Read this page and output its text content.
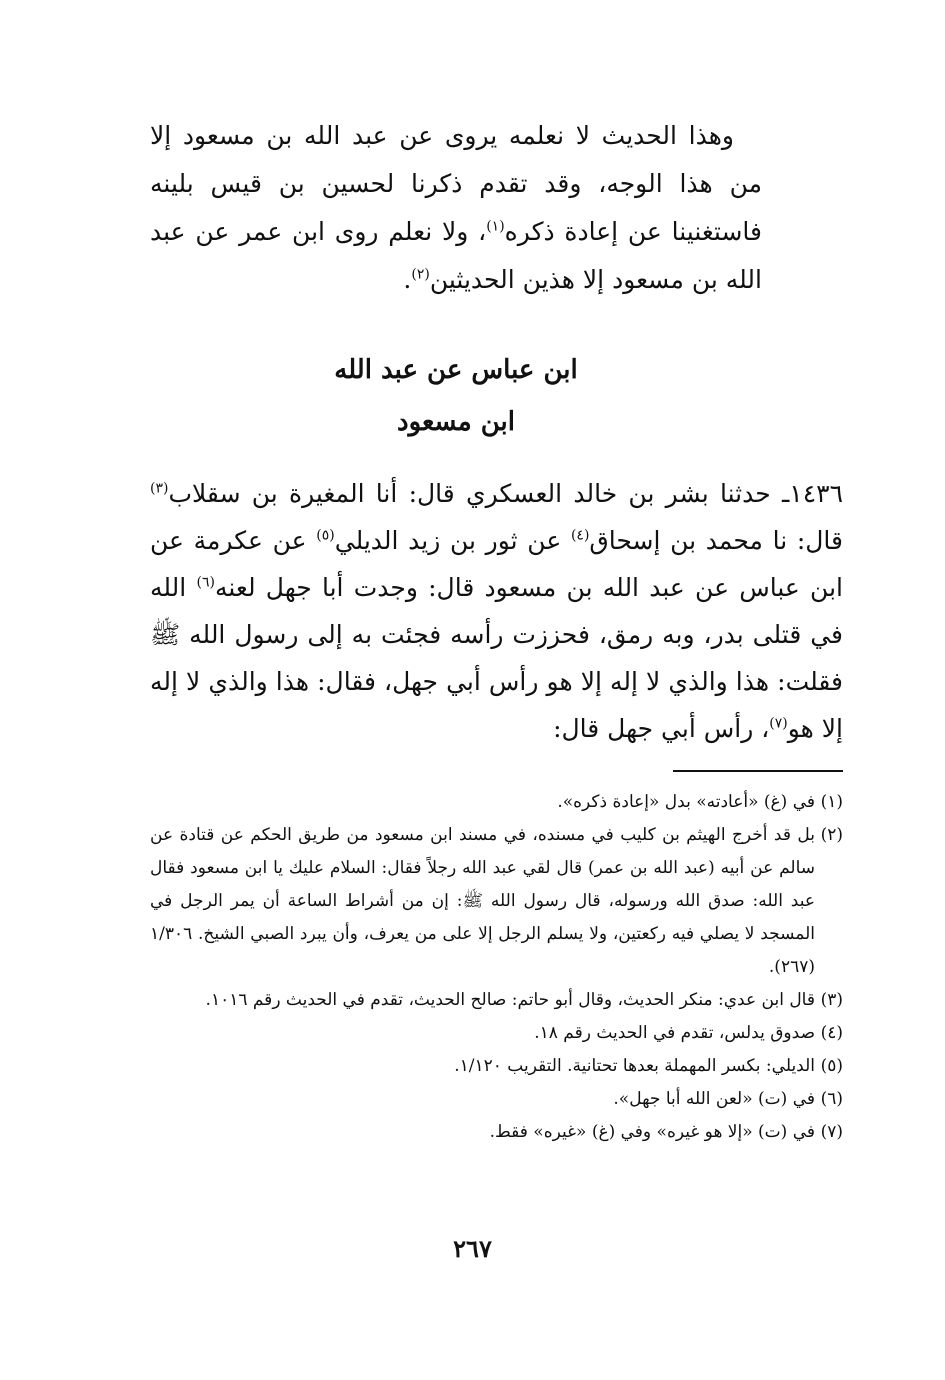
وهذا الحديث لا نعلمه يروى عن عبد الله بن مسعود إلا من هذا الوجه، وقد تقدم ذكرنا لحسين بن قيس بلينه فاستغنينا عن إعادة ذكره$^{(١)}$، ولا نعلم روى ابن عمر عن عبد الله بن مسعود إلا هذين الحديثين$^{(٢)}$.

ابن عباس عن عبد الله
ابن مسعود
١٤٣٦ـ حدثنا بشر بن خالد العسكري قال: أنا المغيرة بن سقلاب$^{(٣)}$ قال: نا محمد بن إسحاق$^{(٤)}$ عن ثور بن زيد الديلي$^{(٥)}$ عن عكرمة عن ابن عباس عن عبد الله بن مسعود قال: وجدت أبا جهل لعنه$^{(٦)}$ الله في قتلى بدر، وبه رمق، فحززت رأسه فجئت به إلى رسول الله ﷺ فقلت: هذا والذي لا إله إلا هو رأس أبي جهل، فقال: هذا والذي لا إله إلا هو$^{(٧)}$، رأس أبي جهل قال:

(١)في (غ) «أعادته» بدل «إعادة ذكره».

(٢)بل قد أخرج الهيثم بن كليب في مسنده، في مسند ابن مسعود من طريق الحكم عن قتادة عن سالم عن أبيه (عبد الله بن عمر) قال لقي عبد الله رجلاً فقال: السلام عليك يا ابن مسعود فقال عبد الله: صدق الله ورسوله، قال رسول الله ﷺ: إن من أشراط الساعة أن يمر الرجل في المسجد لا يصلي فيه ركعتين، ولا يسلم الرجل إلا على من يعرف، وأن يبرد الصبي الشيخ. ١/٣٠٦ (٢٦٧).

(٣)قال ابن عدي: منكر الحديث، وقال أبو حاتم: صالح الحديث، تقدم في الحديث رقم ١٠١٦.

(٤)صدوق يدلس، تقدم في الحديث رقم ١٨.

(٥)الديلي: بكسر المهملة بعدها تحتانية. التقريب ١/١٢٠.

(٦)في (ت) «لعن الله أبا جهل».

(٧)في (ت) «إلا هو غيره» وفي (غ) «غيره» فقط.

٢٦٧
